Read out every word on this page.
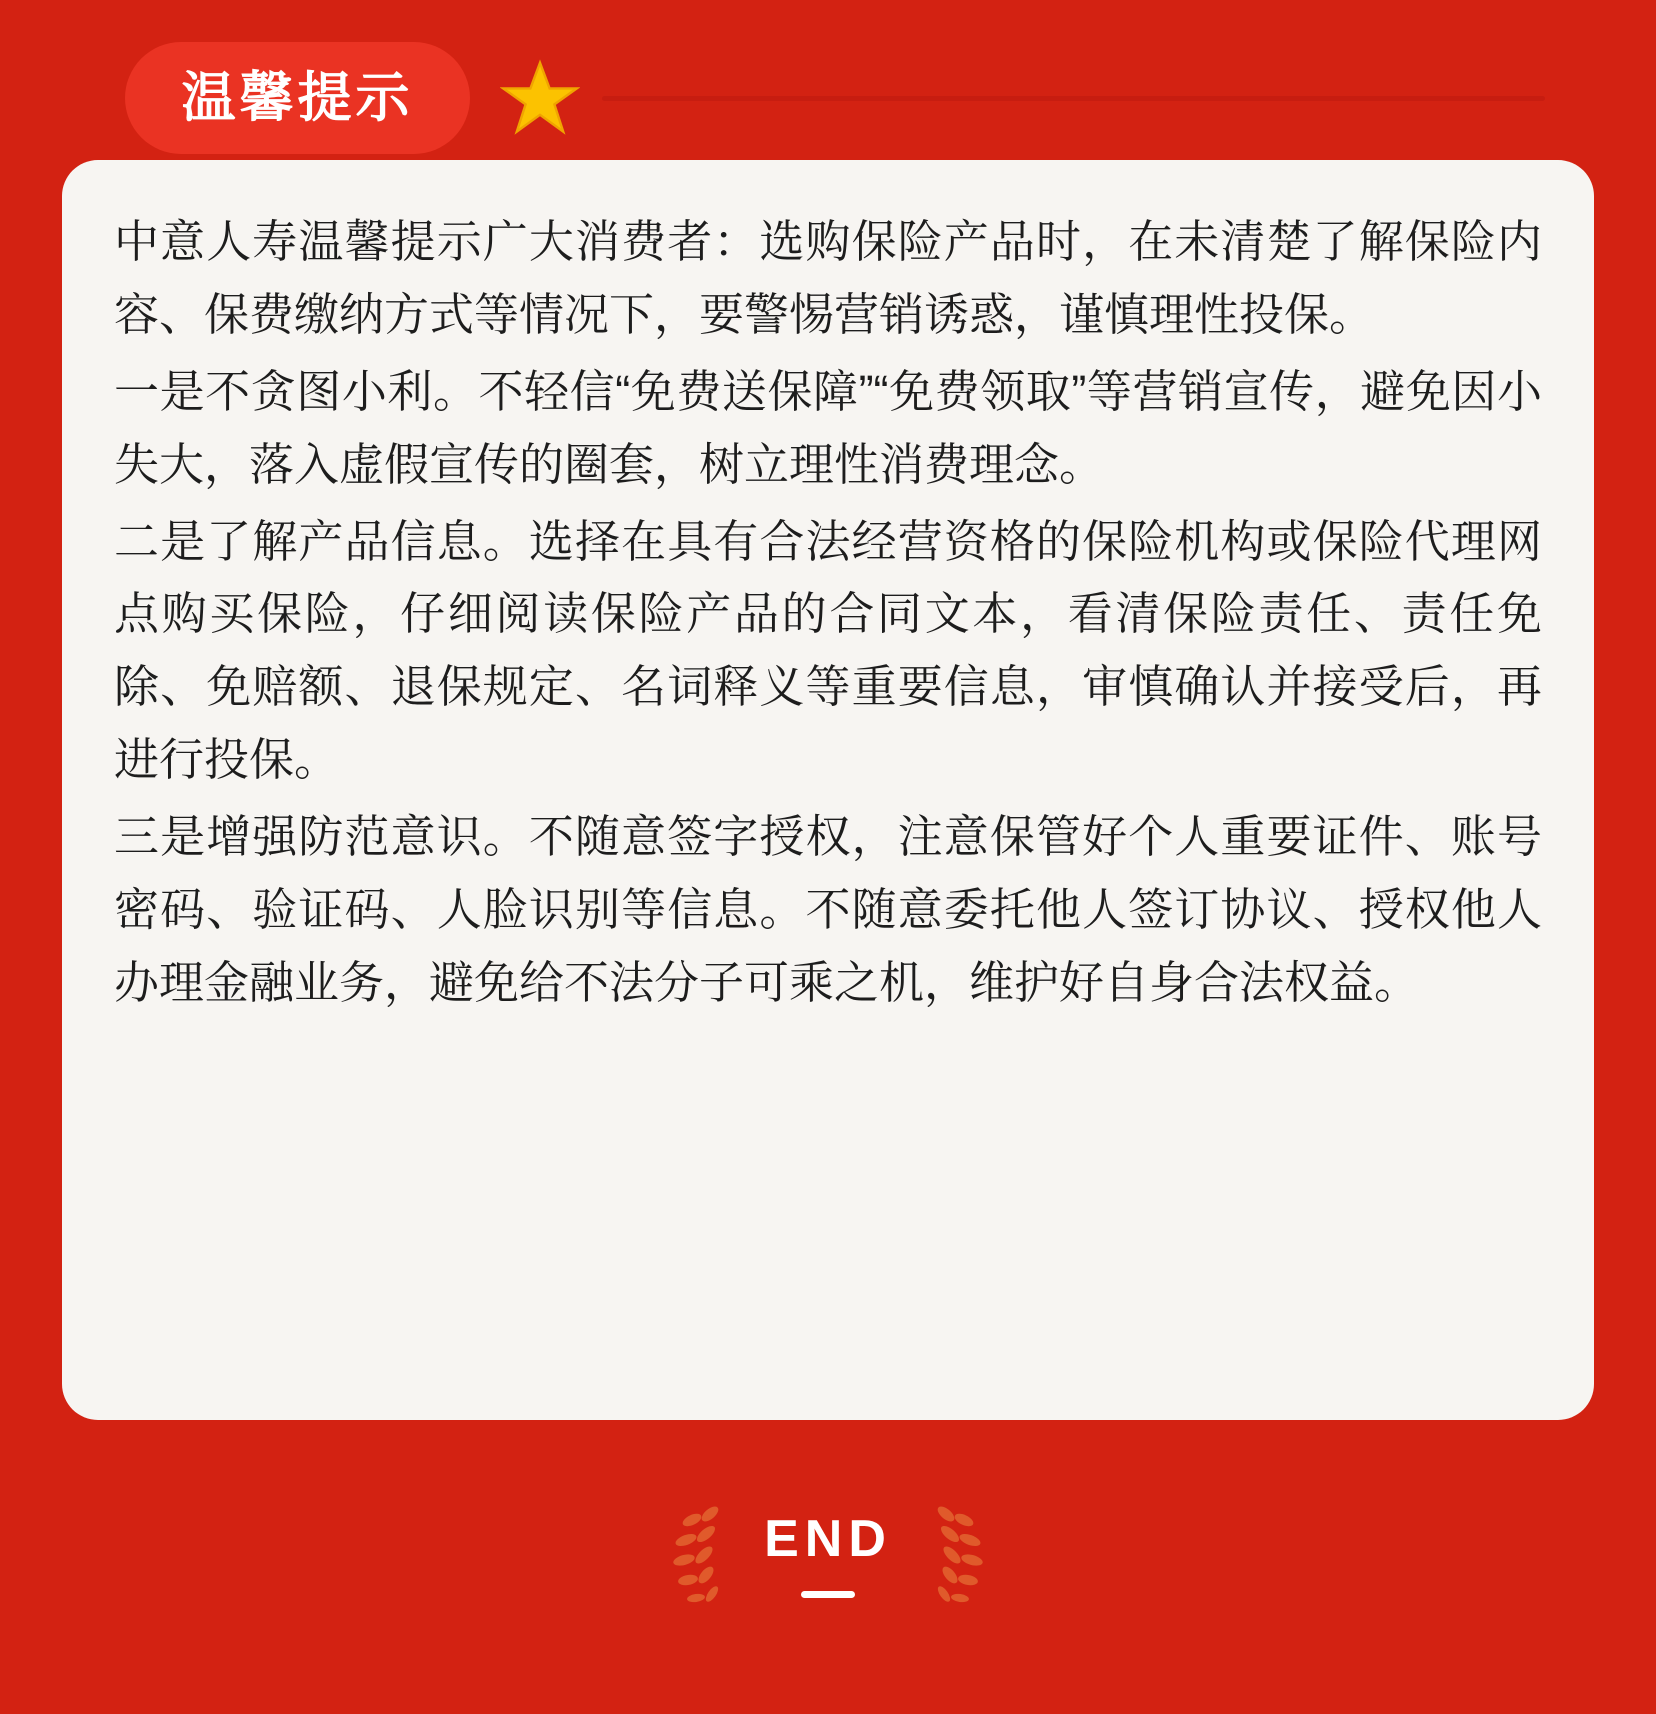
温馨提示

中意人寿温馨提示广大消费者：选购保险产品时，在未清楚了解保险内容、保费缴纳方式等情况下，要警惕营销诱惑，谨慎理性投保。

一是不贪图小利。不轻信“免费送保障”“免费领取”等营销宣传，避免因小失大，落入虚假宣传的圈套，树立理性消费理念。

二是了解产品信息。选择在具有合法经营资格的保险机构或保险代理网点购买保险，仔细阅读保险产品的合同文本，看清保险责任、责任免除、免赔额、退保规定、名词释义等重要信息，审慎确认并接受后，再进行投保。

三是增强防范意识。不随意签字授权，注意保管好个人重要证件、账号密码、验证码、人脸识别等信息。不随意委托他人签订协议、授权他人办理金融业务，避免给不法分子可乘之机，维护好自身合法权益。

END
